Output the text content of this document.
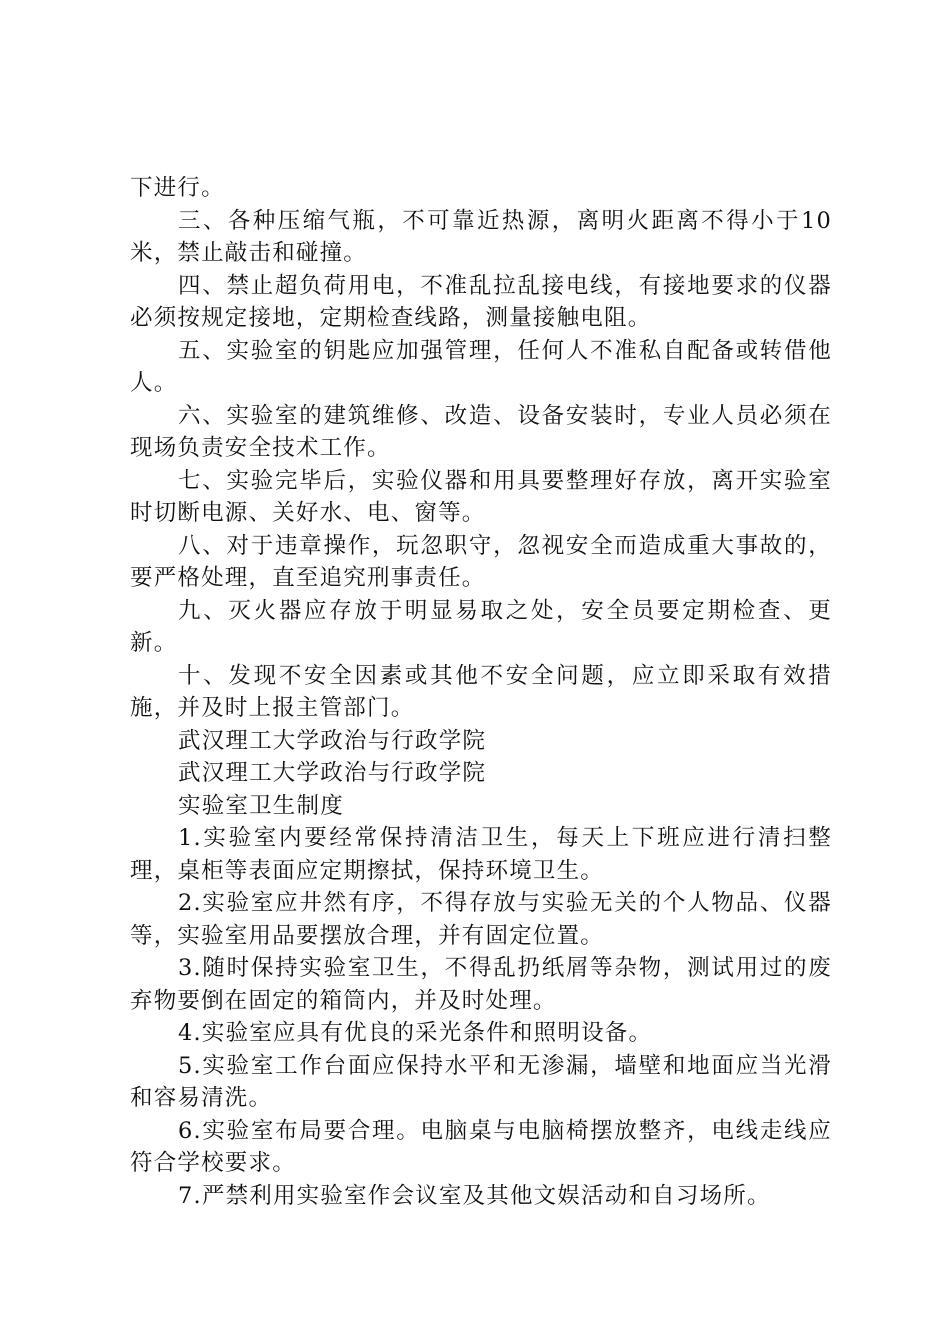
下进行。

三、各种压缩气瓶，不可靠近热源，离明火距离不得小于10米，禁止敲击和碰撞。

四、禁止超负荷用电，不准乱拉乱接电线，有接地要求的仪器必须按规定接地，定期检查线路，测量接触电阻。

五、实验室的钥匙应加强管理，任何人不准私自配备或转借他人。

六、实验室的建筑维修、改造、设备安装时，专业人员必须在现场负责安全技术工作。

七、实验完毕后，实验仪器和用具要整理好存放，离开实验室时切断电源、关好水、电、窗等。

八、对于违章操作，玩忽职守，忽视安全而造成重大事故的，要严格处理，直至追究刑事责任。

九、灭火器应存放于明显易取之处，安全员要定期检查、更新。

十、发现不安全因素或其他不安全问题，应立即采取有效措施，并及时上报主管部门。

武汉理工大学政治与行政学院

武汉理工大学政治与行政学院

实验室卫生制度

1.实验室内要经常保持清洁卫生，每天上下班应进行清扫整理，桌柜等表面应定期擦拭，保持环境卫生。

2.实验室应井然有序，不得存放与实验无关的个人物品、仪器等，实验室用品要摆放合理，并有固定位置。

3.随时保持实验室卫生，不得乱扔纸屑等杂物，测试用过的废弃物要倒在固定的箱筒内，并及时处理。

4.实验室应具有优良的采光条件和照明设备。

5.实验室工作台面应保持水平和无渗漏，墙壁和地面应当光滑和容易清洗。

6.实验室布局要合理。电脑桌与电脑椅摆放整齐，电线走线应符合学校要求。

7.严禁利用实验室作会议室及其他文娱活动和自习场所。
